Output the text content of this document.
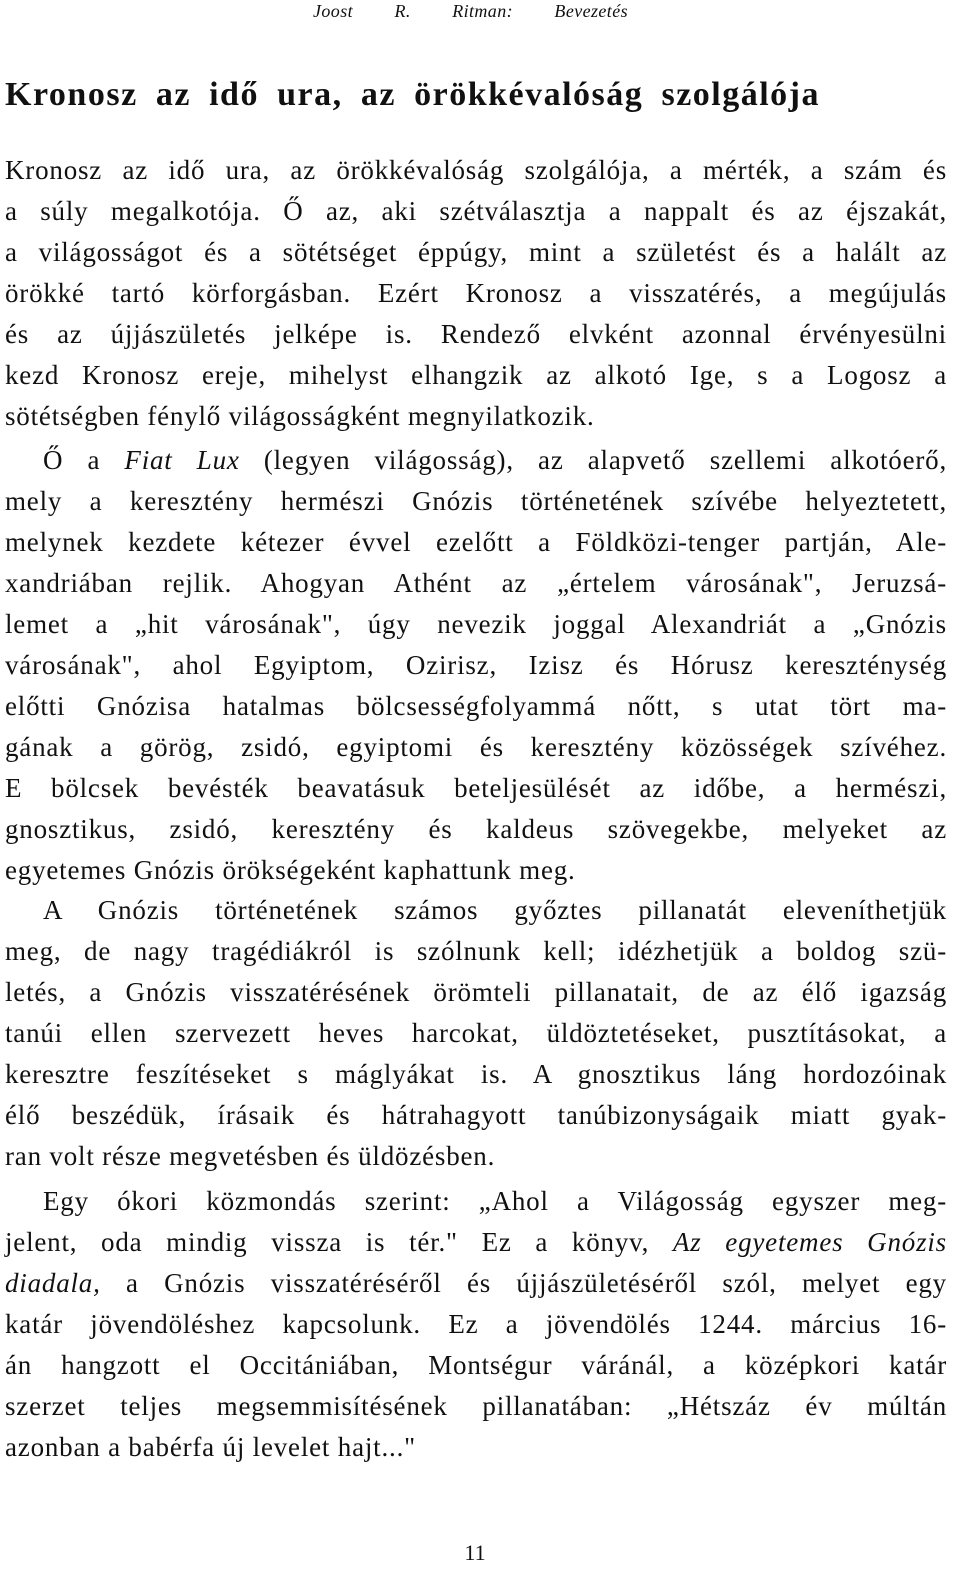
Joost R. Ritman: Bevezetés
Kronosz az idő ura, az örökkévalóság szolgálója
Kronosz az idő ura, az örökkévalóság szolgálója, a mérték, a szám és
a súly megalkotója. Ő az, aki szétválasztja a nappalt és az éjszakát,
a világosságot és a sötétséget éppúgy, mint a születést és a halált az
örökké tartó körforgásban. Ezért Kronosz a visszatérés, a megújulás
és az újjászületés jelképe is. Rendező elvként azonnal érvényesülni
kezd Kronosz ereje, mihelyst elhangzik az alkotó Ige, s a Logosz a
sötétségben fénylő világosságként megnyilatkozik.
Ő a Fiat Lux (legyen világosság), az alapvető szellemi alkotóerő,
mely a keresztény hermészi Gnózis történetének szívébe helyeztetett,
melynek kezdete kétezer évvel ezelőtt a Földközi-tenger partján, Ale-
xandriában rejlik. Ahogyan Athént az „értelem városának", Jeruzsá-
lemet a „hit városának", úgy nevezik joggal Alexandriát a „Gnózis
városának", ahol Egyiptom, Ozirisz, Izisz és Hórusz kereszténység
előtti Gnózisa hatalmas bölcsességfolyammá nőtt, s utat tört ma-
gának a görög, zsidó, egyiptomi és keresztény közösségek szívéhez.
E bölcsek bevésték beavatásuk beteljesülését az időbe, a hermészi,
gnosztikus, zsidó, keresztény és kaldeus szövegekbe, melyeket az
egyetemes Gnózis örökségeként kaphattunk meg.
A Gnózis történetének számos győztes pillanatát eleveníthetjük
meg, de nagy tragédiákról is szólnunk kell; idézhetjük a boldog szü-
letés, a Gnózis visszatérésének örömteli pillanatait, de az élő igazság
tanúi ellen szervezett heves harcokat, üldöztetéseket, pusztításokat, a
keresztre feszítéseket s máglyákat is. A gnosztikus láng hordozóinak
élő beszédük, írásaik és hátrahagyott tanúbizonyságaik miatt gyak-
ran volt része megvetésben és üldözésben.
Egy ókori közmondás szerint: „Ahol a Világosság egyszer meg-
jelent, oda mindig vissza is tér." Ez a könyv, Az egyetemes Gnózis
diadala, a Gnózis visszatéréséről és újjászületéséről szól, melyet egy
katár jövendöléshez kapcsolunk. Ez a jövendölés 1244. március 16-
án hangzott el Occitániában, Montségur váránál, a középkori katár
szerzet teljes megsemmisítésének pillanatában: „Hétszáz év múltán
azonban a babérfa új levelet hajt..."
11
